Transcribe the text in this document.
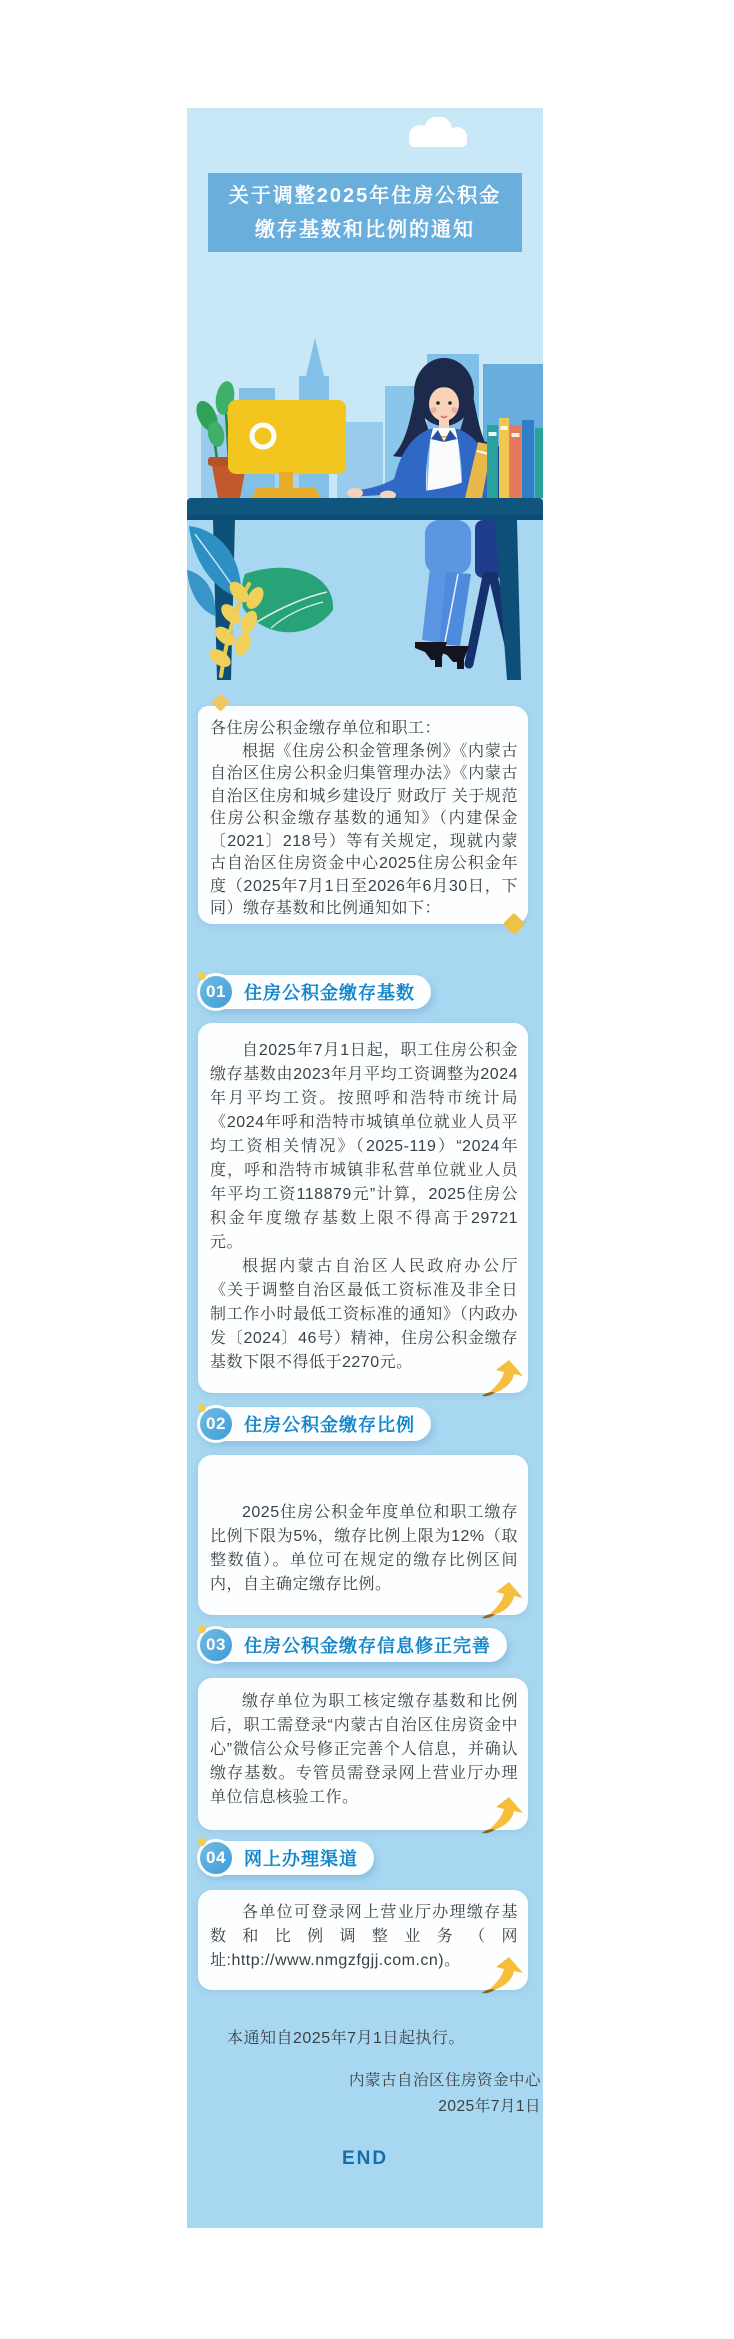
关于调整2025年住房公积金
缴存基数和比例的通知

各住房公积金缴存单位和职工：

根据《住房公积金管理条例》《内蒙古自治区住房公积金归集管理办法》《内蒙古自治区住房和城乡建设厅 财政厅 关于规范住房公积金缴存基数的通知》（内建保金〔2021〕218号）等有关规定，现就内蒙古自治区住房资金中心2025住房公积金年度（2025年7月1日至2026年6月30日，下同）缴存基数和比例通知如下：

01 住房公积金缴存基数

自2025年7月1日起，职工住房公积金缴存基数由2023年月平均工资调整为2024年月平均工资。按照呼和浩特市统计局《2024年呼和浩特市城镇单位就业人员平均工资相关情况》（2025-119）“2024年度，呼和浩特市城镇非私营单位就业人员年平均工资118879元”计算，2025住房公积金年度缴存基数上限不得高于29721元。

根据内蒙古自治区人民政府办公厅《关于调整自治区最低工资标准及非全日制工作小时最低工资标准的通知》（内政办发〔2024〕46号）精神，住房公积金缴存基数下限不得低于2270元。

02 住房公积金缴存比例

2025住房公积金年度单位和职工缴存比例下限为5%，缴存比例上限为12%（取整数值）。单位可在规定的缴存比例区间内，自主确定缴存比例。

03 住房公积金缴存信息修正完善

缴存单位为职工核定缴存基数和比例后，职工需登录“内蒙古自治区住房资金中心”微信公众号修正完善个人信息，并确认缴存基数。专管员需登录网上营业厅办理单位信息核验工作。

04 网上办理渠道

各单位可登录网上营业厅办理缴存基数和比例调整业务（网址:http://www.nmgzfgjj.com.cn)。

本通知自2025年7月1日起执行。
内蒙古自治区住房资金中心
2025年7月1日
END
